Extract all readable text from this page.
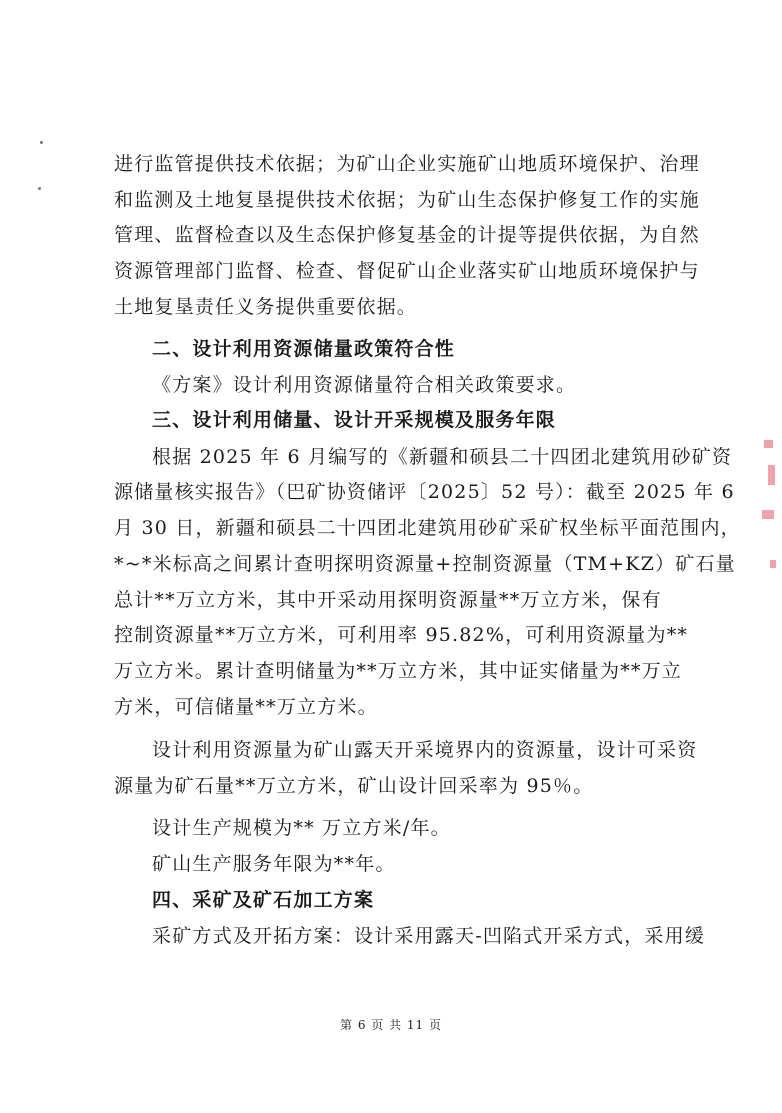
进行监管提供技术依据；为矿山企业实施矿山地质环境保护、治理
和监测及土地复垦提供技术依据；为矿山生态保护修复工作的实施
管理、监督检查以及生态保护修复基金的计提等提供依据，为自然
资源管理部门监督、检查、督促矿山企业落实矿山地质环境保护与
土地复垦责任义务提供重要依据。
二、设计利用资源储量政策符合性
《方案》设计利用资源储量符合相关政策要求。
三、设计利用储量、设计开采规模及服务年限
根据 2025 年 6 月编写的《新疆和硕县二十四团北建筑用砂矿资
源储量核实报告》（巴矿协资储评〔2025〕52 号）：截至 2025 年 6
月 30 日，新疆和硕县二十四团北建筑用砂矿采矿权坐标平面范围内，
*~*米标高之间累计查明探明资源量+控制资源量（TM+KZ）矿石量
总计**万立方米，其中开采动用探明资源量**万立方米，保有
控制资源量**万立方米，可利用率 95.82%，可利用资源量为**
万立方米。累计查明储量为**万立方米，其中证实储量为**万立
方米，可信储量**万立方米。
设计利用资源量为矿山露天开采境界内的资源量，设计可采资
源量为矿石量**万立方米，矿山设计回采率为 95％。
设计生产规模为** 万立方米/年。
矿山生产服务年限为**年。
四、采矿及矿石加工方案
采矿方式及开拓方案：设计采用露天-凹陷式开采方式，采用缓
第 6 页 共 11 页
